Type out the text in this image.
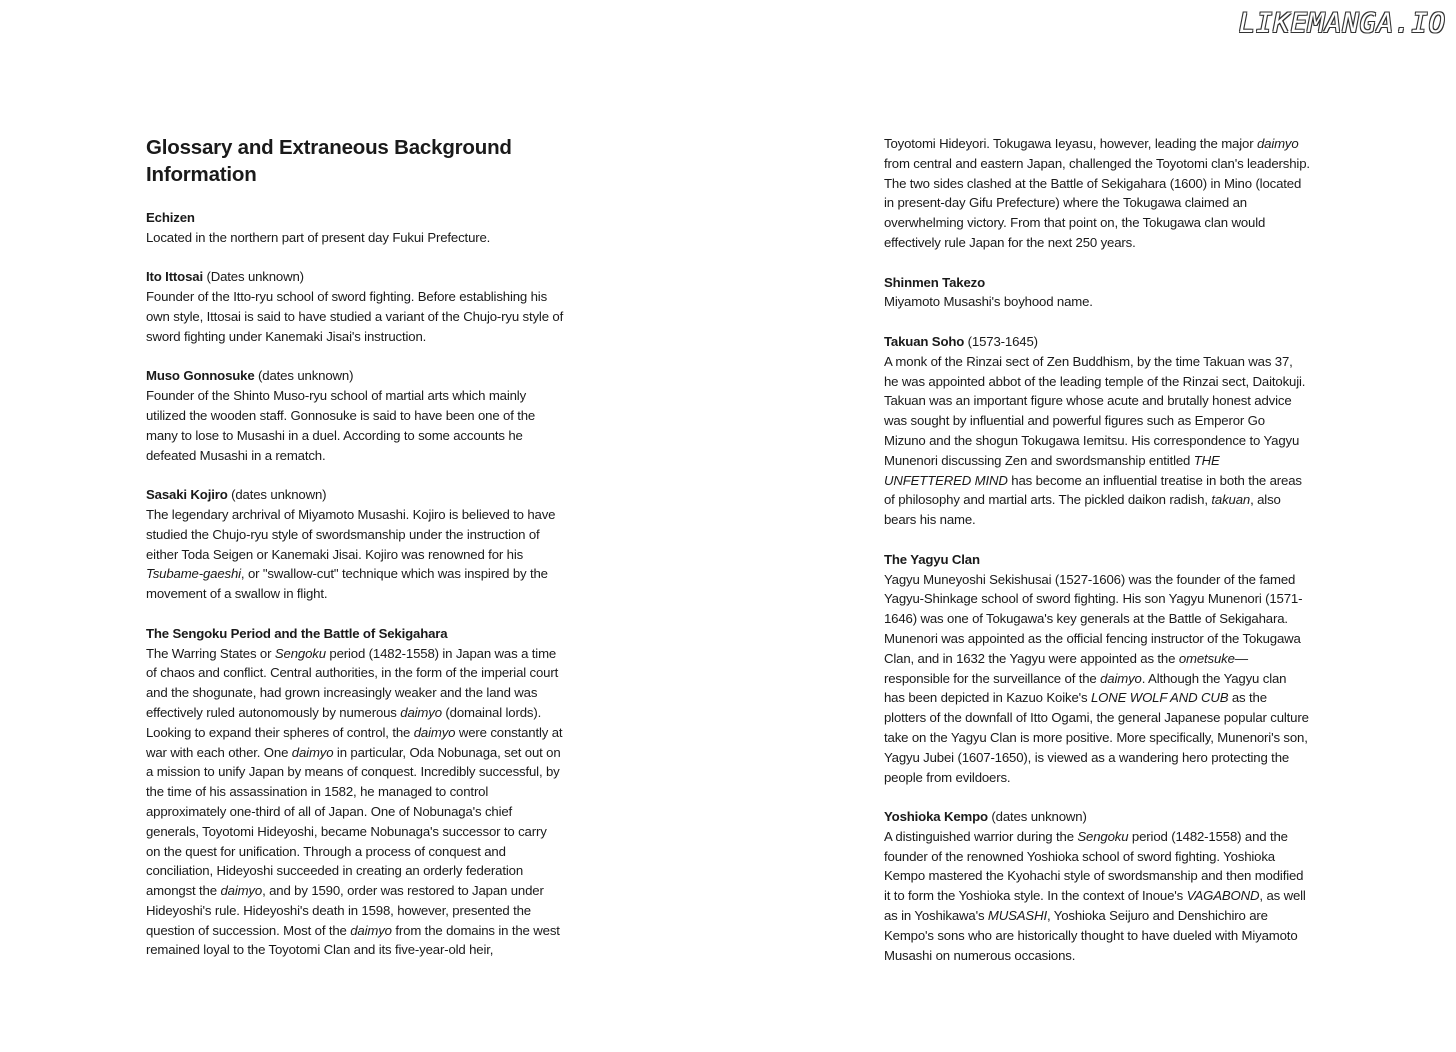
LIKEMANGA.IO
Glossary and Extraneous Background Information
Echizen

Located in the northern part of present day Fukui Prefecture.

Ito Ittosai (Dates unknown)

Founder of the Itto-ryu school of sword fighting. Before establishing his own style, Ittosai is said to have studied a variant of the Chujo-ryu style of sword fighting under Kanemaki Jisai's instruction.

Muso Gonnosuke (dates unknown)

Founder of the Shinto Muso-ryu school of martial arts which mainly utilized the wooden staff. Gonnosuke is said to have been one of the many to lose to Musashi in a duel. According to some accounts he defeated Musashi in a rematch.

Sasaki Kojiro (dates unknown)

The legendary archrival of Miyamoto Musashi. Kojiro is believed to have studied the Chujo-ryu style of swordsmanship under the instruction of either Toda Seigen or Kanemaki Jisai. Kojiro was renowned for his Tsubame-gaeshi, or "swallow-cut" technique which was inspired by the movement of a swallow in flight.

The Sengoku Period and the Battle of Sekigahara

The Warring States or Sengoku period (1482-1558) in Japan was a time of chaos and conflict. Central authorities, in the form of the imperial court and the shogunate, had grown increasingly weaker and the land was effectively ruled autonomously by numerous daimyo (domainal lords). Looking to expand their spheres of control, the daimyo were constantly at war with each other. One daimyo in particular, Oda Nobunaga, set out on a mission to unify Japan by means of conquest. Incredibly successful, by the time of his assassination in 1582, he managed to control approximately one-third of all of Japan. One of Nobunaga's chief generals, Toyotomi Hideyoshi, became Nobunaga's successor to carry on the quest for unification. Through a process of conquest and conciliation, Hideyoshi succeeded in creating an orderly federation amongst the daimyo, and by 1590, order was restored to Japan under Hideyoshi's rule. Hideyoshi's death in 1598, however, presented the question of succession. Most of the daimyo from the domains in the west remained loyal to the Toyotomi Clan and its five-year-old heir,

Toyotomi Hideyori. Tokugawa Ieyasu, however, leading the major daimyo from central and eastern Japan, challenged the Toyotomi clan's leadership. The two sides clashed at the Battle of Sekigahara (1600) in Mino (located in present-day Gifu Prefecture) where the Tokugawa claimed an overwhelming victory. From that point on, the Tokugawa clan would effectively rule Japan for the next 250 years.

Shinmen Takezo

Miyamoto Musashi's boyhood name.

Takuan Soho (1573-1645)

A monk of the Rinzai sect of Zen Buddhism, by the time Takuan was 37, he was appointed abbot of the leading temple of the Rinzai sect, Daitokuji. Takuan was an important figure whose acute and brutally honest advice was sought by influential and powerful figures such as Emperor Go Mizuno and the shogun Tokugawa Iemitsu. His correspondence to Yagyu Munenori discussing Zen and swordsmanship entitled THE UNFETTERED MIND has become an influential treatise in both the areas of philosophy and martial arts. The pickled daikon radish, takuan, also bears his name.

The Yagyu Clan

Yagyu Muneyoshi Sekishusai (1527-1606) was the founder of the famed Yagyu-Shinkage school of sword fighting. His son Yagyu Munenori (1571-1646) was one of Tokugawa's key generals at the Battle of Sekigahara. Munenori was appointed as the official fencing instructor of the Tokugawa Clan, and in 1632 the Yagyu were appointed as the ometsuke—responsible for the surveillance of the daimyo. Although the Yagyu clan has been depicted in Kazuo Koike's LONE WOLF AND CUB as the plotters of the downfall of Itto Ogami, the general Japanese popular culture take on the Yagyu Clan is more positive. More specifically, Munenori's son, Yagyu Jubei (1607-1650), is viewed as a wandering hero protecting the people from evildoers.

Yoshioka Kempo (dates unknown)

A distinguished warrior during the Sengoku period (1482-1558) and the founder of the renowned Yoshioka school of sword fighting. Yoshioka Kempo mastered the Kyohachi style of swordsmanship and then modified it to form the Yoshioka style. In the context of Inoue's VAGABOND, as well as in Yoshikawa's MUSASHI, Yoshioka Seijuro and Denshichiro are Kempo's sons who are historically thought to have dueled with Miyamoto Musashi on numerous occasions.
